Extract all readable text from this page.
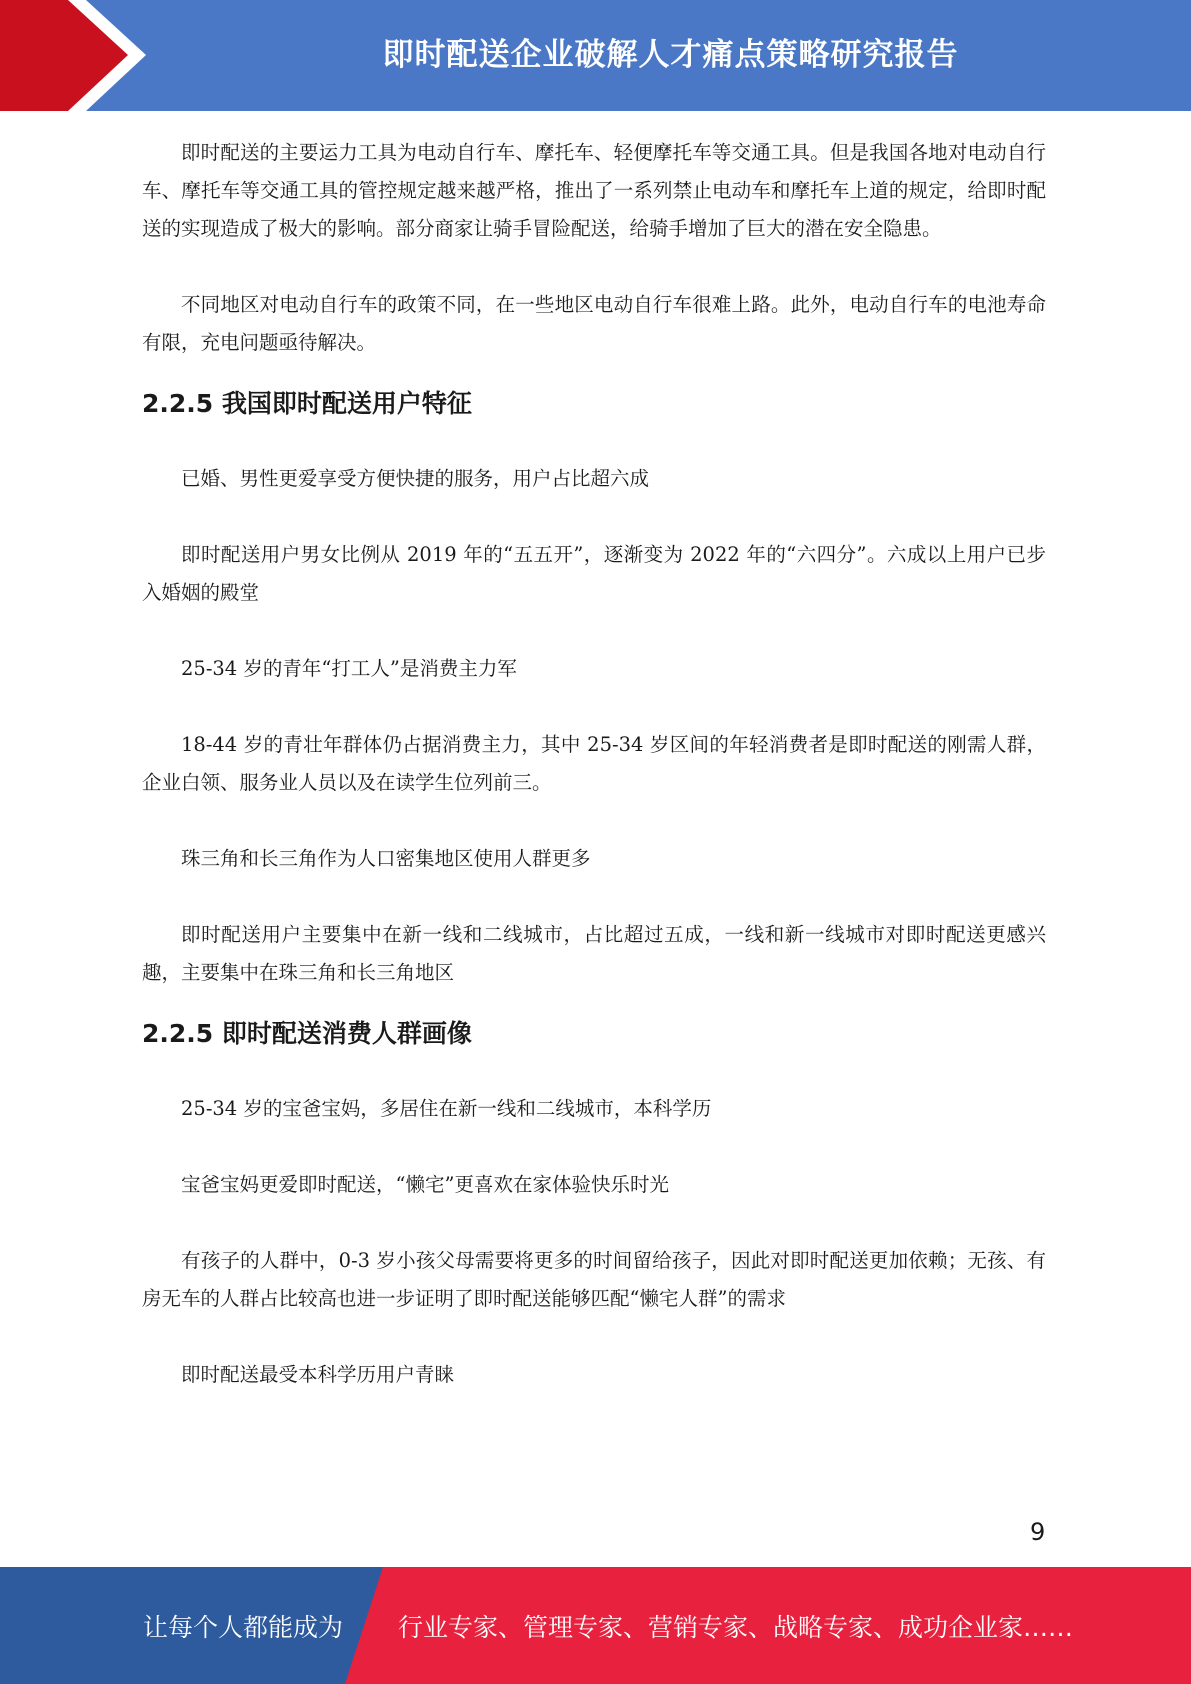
即时配送企业破解人才痛点策略研究报告

即时配送的主要运力工具为电动自行车、摩托车、轻便摩托车等交通工具。但是我国各地对电动自行车、摩托车等交通工具的管控规定越来越严格，推出了一系列禁止电动车和摩托车上道的规定，给即时配送的实现造成了极大的影响。部分商家让骑手冒险配送，给骑手增加了巨大的潜在安全隐患。

不同地区对电动自行车的政策不同，在一些地区电动自行车很难上路。此外，电动自行车的电池寿命有限，充电问题亟待解决。

2.2.5 我国即时配送用户特征

已婚、男性更爱享受方便快捷的服务，用户占比超六成

即时配送用户男女比例从 2019 年的“五五开”，逐渐变为 2022 年的“六四分”。六成以上用户已步入婚姻的殿堂

25-34 岁的青年“打工人”是消费主力军

18-44 岁的青壮年群体仍占据消费主力，其中 25-34 岁区间的年轻消费者是即时配送的刚需人群，企业白领、服务业人员以及在读学生位列前三。

珠三角和长三角作为人口密集地区使用人群更多

即时配送用户主要集中在新一线和二线城市，占比超过五成，一线和新一线城市对即时配送更感兴趣，主要集中在珠三角和长三角地区

2.2.5 即时配送消费人群画像

25-34 岁的宝爸宝妈，多居住在新一线和二线城市，本科学历

宝爸宝妈更爱即时配送，“懒宅”更喜欢在家体验快乐时光

有孩子的人群中，0-3 岁小孩父母需要将更多的时间留给孩子，因此对即时配送更加依赖；无孩、有房无车的人群占比较高也进一步证明了即时配送能够匹配“懒宅人群”的需求

即时配送最受本科学历用户青睐

9
让每个人都能成为 行业专家、管理专家、营销专家、战略专家、成功企业家……
